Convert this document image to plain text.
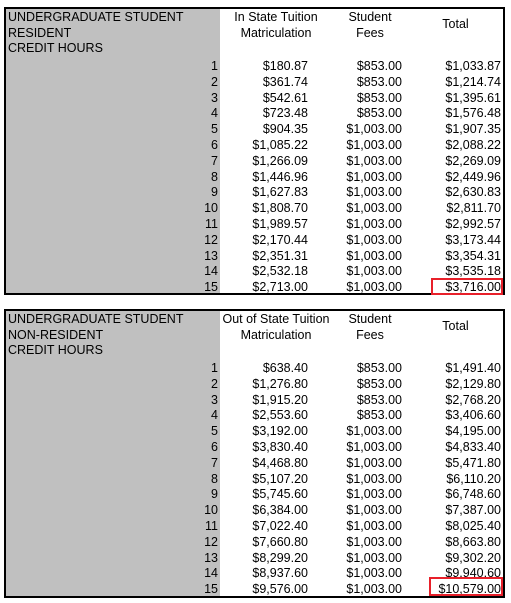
UNDERGRADUATE STUDENT
RESIDENT
CREDIT HOURS
In State Tuition
Matriculation
Student
Fees
Total
1	$180.87	$853.00	$1,033.87
2	$361.74	$853.00	$1,214.74
3	$542.61	$853.00	$1,395.61
4	$723.48	$853.00	$1,576.48
5	$904.35	$1,003.00	$1,907.35
6	$1,085.22	$1,003.00	$2,088.22
7	$1,266.09	$1,003.00	$2,269.09
8	$1,446.96	$1,003.00	$2,449.96
9	$1,627.83	$1,003.00	$2,630.83
10	$1,808.70	$1,003.00	$2,811.70
11	$1,989.57	$1,003.00	$2,992.57
12	$2,170.44	$1,003.00	$3,173.44
13	$2,351.31	$1,003.00	$3,354.31
14	$2,532.18	$1,003.00	$3,535.18
15	$2,713.00	$1,003.00	$3,716.00
UNDERGRADUATE STUDENT
NON-RESIDENT
CREDIT HOURS
Out of State Tuition
Matriculation
Student
Fees
Total
1	$638.40	$853.00	$1,491.40
2	$1,276.80	$853.00	$2,129.80
3	$1,915.20	$853.00	$2,768.20
4	$2,553.60	$853.00	$3,406.60
5	$3,192.00	$1,003.00	$4,195.00
6	$3,830.40	$1,003.00	$4,833.40
7	$4,468.80	$1,003.00	$5,471.80
8	$5,107.20	$1,003.00	$6,110.20
9	$5,745.60	$1,003.00	$6,748.60
10	$6,384.00	$1,003.00	$7,387.00
11	$7,022.40	$1,003.00	$8,025.40
12	$7,660.80	$1,003.00	$8,663.80
13	$8,299.20	$1,003.00	$9,302.20
14	$8,937.60	$1,003.00	$9,940.60
15	$9,576.00	$1,003.00	$10,579.00
